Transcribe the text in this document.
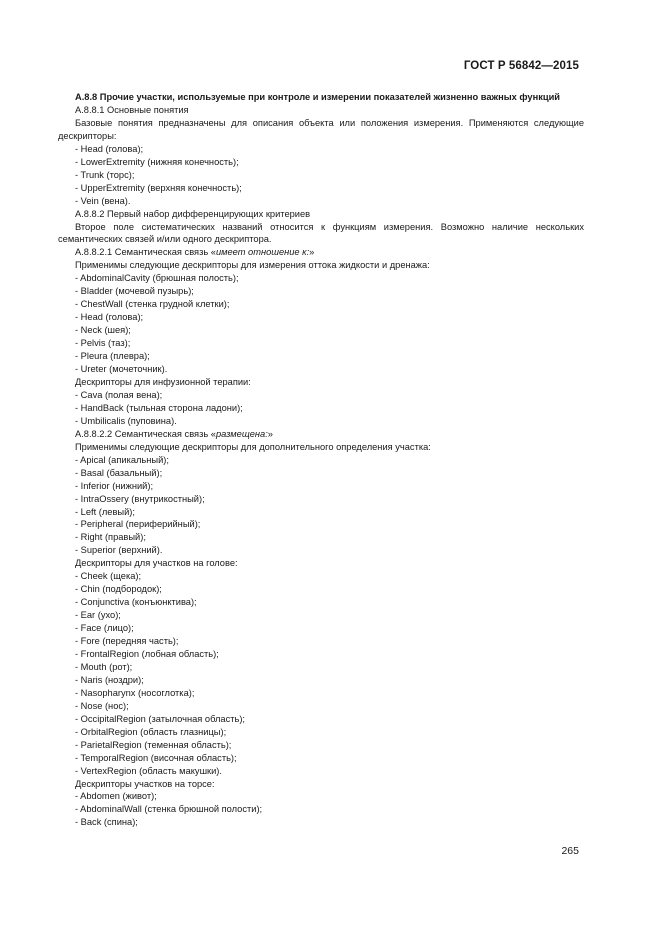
ГОСТ Р 56842—2015

A.8.8 Прочие участки, используемые при контроле и измерении показателей жизненно важных функций

A.8.8.1 Основные понятия

Базовые понятия предназначены для описания объекта или положения измерения. Применяются следующие дескрипторы:

- Head (голова);

- LowerExtremity (нижняя конечность);

- Trunk (торс);

- UpperExtremity (верхняя конечность);

- Vein (вена).

A.8.8.2 Первый набор дифференцирующих критериев

Второе поле систематических названий относится к функциям измерения. Возможно наличие нескольких семантических связей и/или одного дескриптора.

A.8.8.2.1 Семантическая связь «имеет отношение к:»

Применимы следующие дескрипторы для измерения оттока жидкости и дренажа:

- AbdominalCavity (брюшная полость);

- Bladder (мочевой пузырь);

- ChestWall (стенка грудной клетки);

- Head (голова);

- Neck (шея);

- Pelvis (таз);

- Pleura (плевра);

- Ureter (мочеточник).

Дескрипторы для инфузионной терапии:

- Cava (полая вена);

- HandBack (тыльная сторона ладони);

- Umbilicalis (пуповина).

A.8.8.2.2 Семантическая связь «размещена:»

Применимы следующие дескрипторы для дополнительного определения участка:

- Apical (апикальный);

- Basal (базальный);

- Inferior (нижний);

- IntraOssery (внутрикостный);

- Left (левый);

- Peripheral (периферийный);

- Right (правый);

- Superior (верхний).

Дескрипторы для участков на голове:

- Cheek (щека);

- Chin (подбородок);

- Conjunctiva (конъюнктива);

- Ear (ухо);

- Face (лицо);

- Fore (передняя часть);

- FrontalRegion (лобная область);

- Mouth (рот);

- Naris (ноздри);

- Nasopharynx (носоглотка);

- Nose (нос);

- OccipitalRegion (затылочная область);

- OrbitalRegion (область глазницы);

- ParietalRegion (теменная область);

- TemporalRegion (височная область);

- VertexRegion (область макушки).

Дескрипторы участков на торсе:

- Abdomen (живот);

- AbdominalWall (стенка брюшной полости);

- Back (спина);

265
